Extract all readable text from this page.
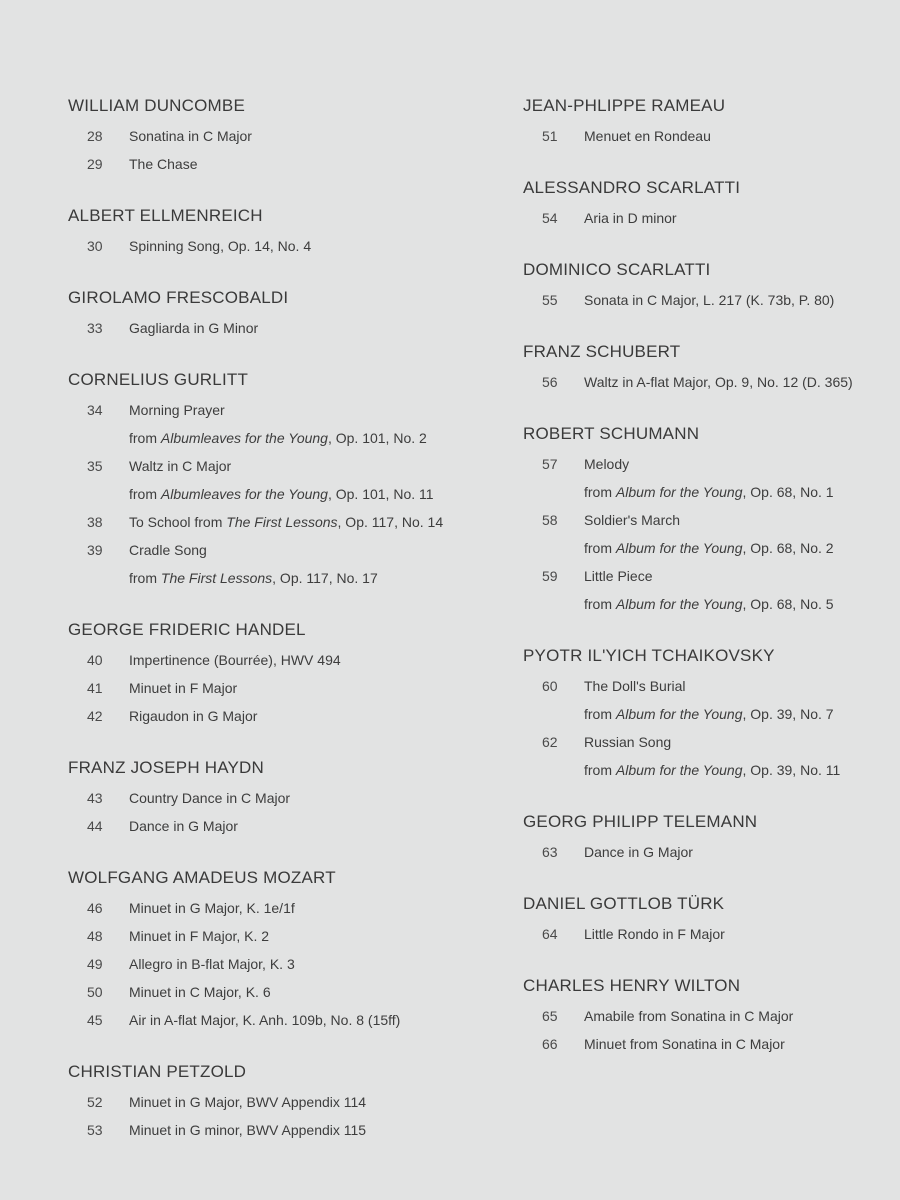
WILLIAM DUNCOMBE
28	Sonatina in C Major
29	The Chase
ALBERT ELLMENREICH
30	Spinning Song, Op. 14, No. 4
GIROLAMO FRESCOBALDI
33	Gagliarda in G Minor
CORNELIUS GURLITT
34	Morning Prayer
from Albumleaves for the Young, Op. 101, No. 2
35	Waltz in C Major
from Albumleaves for the Young, Op. 101, No. 11
38	To School from The First Lessons, Op. 117, No. 14
39	Cradle Song
from The First Lessons, Op. 117, No. 17
GEORGE FRIDERIC HANDEL
40	Impertinence (Bourrée), HWV 494
41	Minuet in F Major
42	Rigaudon in G Major
FRANZ JOSEPH HAYDN
43	Country Dance in C Major
44	Dance in G Major
WOLFGANG AMADEUS MOZART
46	Minuet in G Major, K. 1e/1f
48	Minuet in F Major, K. 2
49	Allegro in B-flat Major, K. 3
50	Minuet in C Major, K. 6
45	Air in A-flat Major, K. Anh. 109b, No. 8 (15ff)
CHRISTIAN PETZOLD
52	Minuet in G Major, BWV Appendix 114
53	Minuet in G minor, BWV Appendix 115
JEAN-PHLIPPE RAMEAU
51	Menuet en Rondeau
ALESSANDRO SCARLATTI
54	Aria in D minor
DOMINICO SCARLATTI
55	Sonata in C Major, L. 217 (K. 73b, P. 80)
FRANZ SCHUBERT
56	Waltz in A-flat Major, Op. 9, No. 12 (D. 365)
ROBERT SCHUMANN
57	Melody
from Album for the Young, Op. 68, No. 1
58	Soldier's March
from Album for the Young, Op. 68, No. 2
59	Little Piece
from Album for the Young, Op. 68, No. 5
PYOTR IL'YICH TCHAIKOVSKY
60	The Doll's Burial
from Album for the Young, Op. 39, No. 7
62	Russian Song
from Album for the Young, Op. 39, No. 11
GEORG PHILIPP TELEMANN
63	Dance in G Major
DANIEL GOTTLOB TÜRK
64	Little Rondo in F Major
CHARLES HENRY WILTON
65	Amabile from Sonatina in C Major
66	Minuet from Sonatina in C Major
